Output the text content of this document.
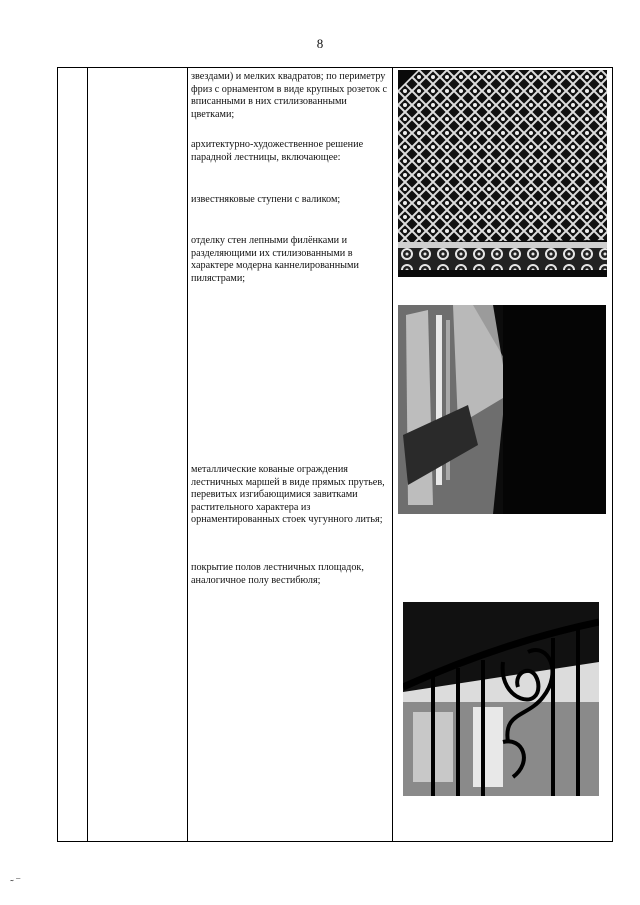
8

звездами) и мелких квадратов; по периметру фриз с орнаментом в виде крупных розеток с вписанными в них стилизованными цветками;

архитектурно-художественное решение парадной лестницы, включающее:

известняковые ступени с валиком;

отделку стен лепными филёнками и разделяющими их стилизованными в характере модерна каннелированными пилястрами;

металлические кованые ограждения лестничных маршей в виде прямых прутьев, перевитых изгибающимися завитками растительного характера из орнаментированных стоек чугунного литья;

покрытие полов лестничных площадок, аналогичное полу вестибюля;

˜ ‾
